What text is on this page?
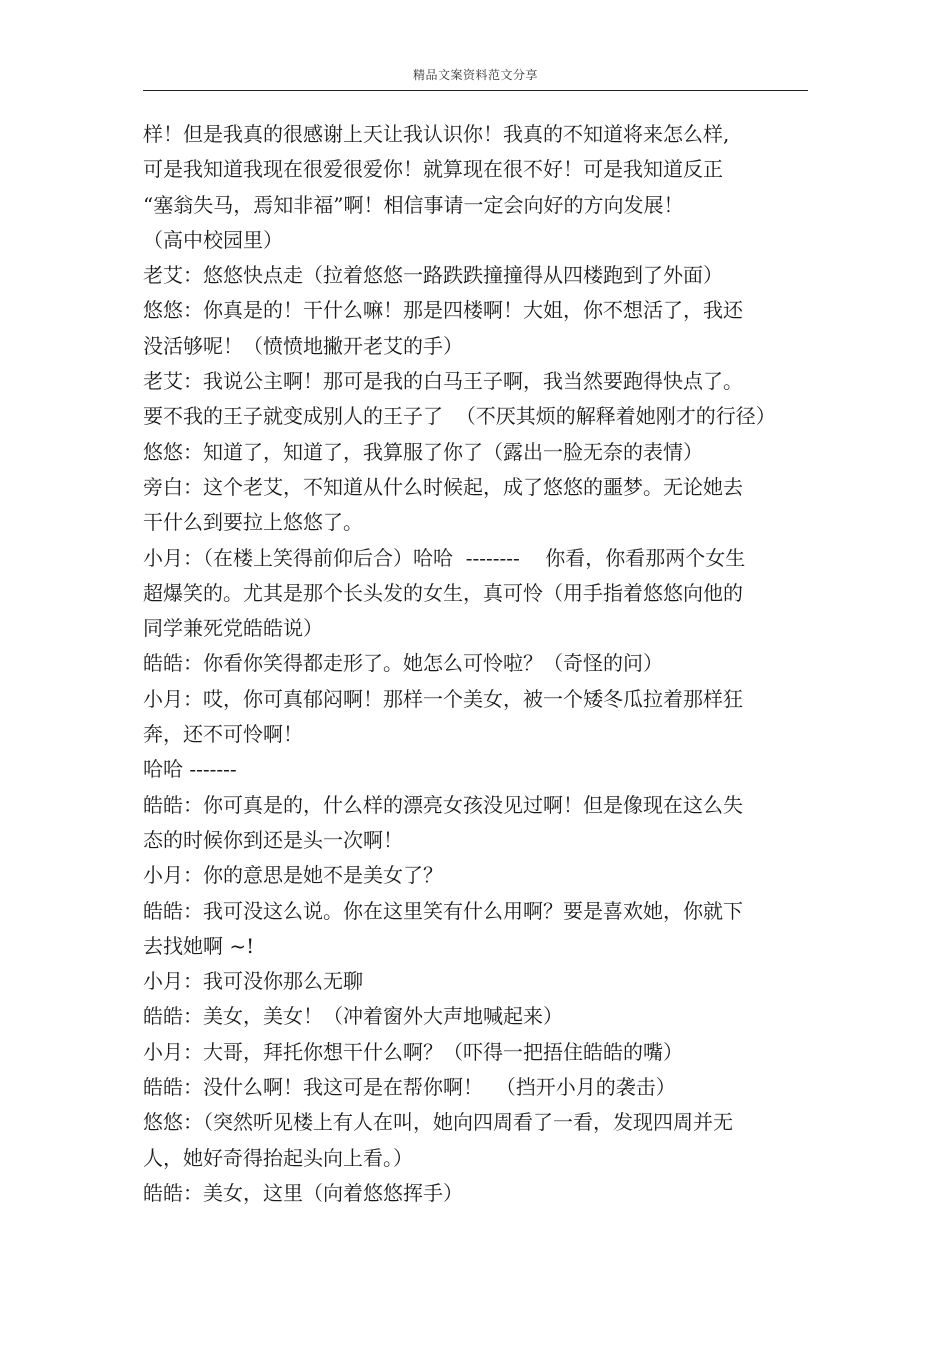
精品文案资料范文分享
样！但是我真的很感谢上天让我认识你！我真的不知道将来怎么样,
可是我知道我现在很爱很爱你！就算现在很不好！可是我知道反正
“塞翁失马，焉知非福”啊！相信事请一定会向好的方向发展！
（高中校园里）
老艾：悠悠快点走（拉着悠悠一路跌跌撞撞得从四楼跑到了外面）
悠悠：你真是的！干什么嘛！那是四楼啊！大姐，你不想活了，我还
没活够呢！（愤愤地撇开老艾的手）
老艾：我说公主啊！那可是我的白马王子啊，我当然要跑得快点了。
要不我的王子就变成别人的王子了  （不厌其烦的解释着她刚才的行径）
悠悠：知道了，知道了，我算服了你了（露出一脸无奈的表情）
旁白：这个老艾，不知道从什么时候起，成了悠悠的噩梦。无论她去
干什么到要拉上悠悠了。
小月：（在楼上笑得前仰后合）哈哈  --------    你看，你看那两个女生
超爆笑的。尤其是那个长头发的女生，真可怜（用手指着悠悠向他的
同学兼死党皓皓说）
皓皓：你看你笑得都走形了。她怎么可怜啦？（奇怪的问）
小月：哎，你可真郁闷啊！那样一个美女，被一个矮冬瓜拉着那样狂
奔，还不可怜啊！
哈哈 -------
皓皓：你可真是的，什么样的漂亮女孩没见过啊！但是像现在这么失
态的时候你到还是头一次啊！
小月：你的意思是她不是美女了？
皓皓：我可没这么说。你在这里笑有什么用啊？要是喜欢她，你就下
去找她啊 ~!
小月：我可没你那么无聊
皓皓：美女，美女！（冲着窗外大声地喊起来）
小月：大哥，拜托你想干什么啊？（吓得一把捂住皓皓的嘴）
皓皓：没什么啊！我这可是在帮你啊！  （挡开小月的袭击）
悠悠：（突然听见楼上有人在叫，她向四周看了一看，发现四周并无
人，她好奇得抬起头向上看。）
皓皓：美女，这里（向着悠悠挥手）
